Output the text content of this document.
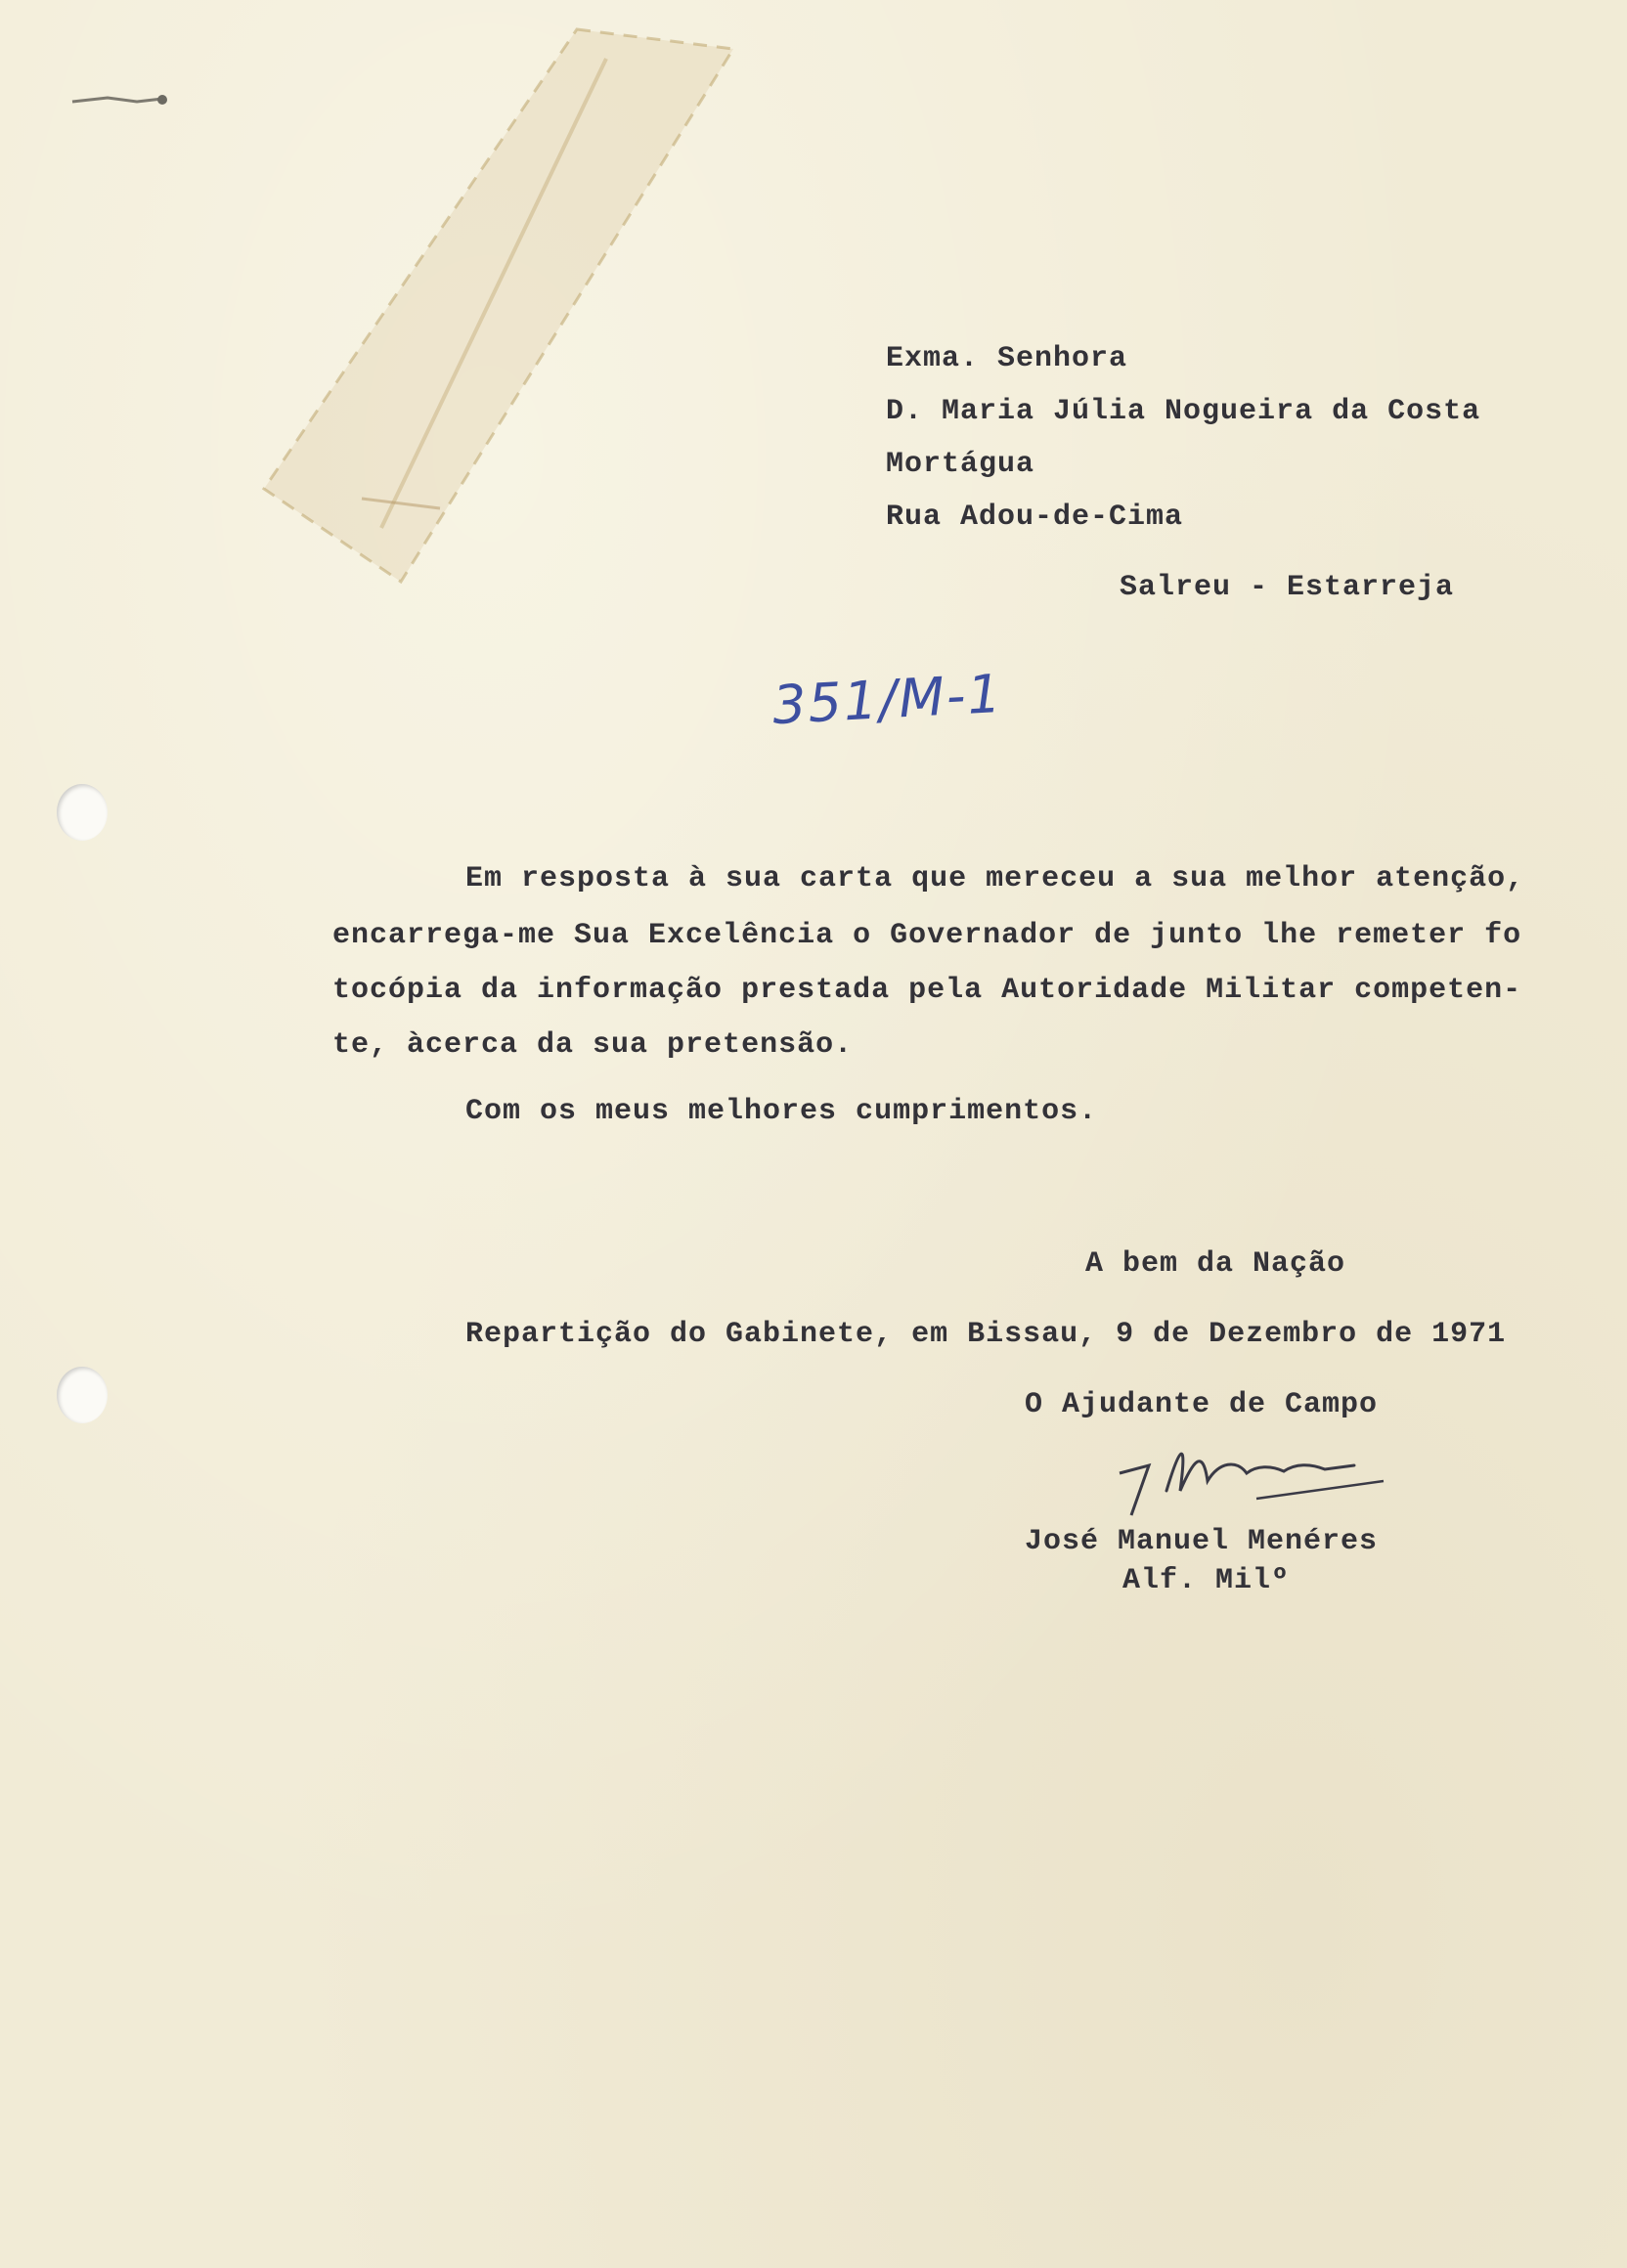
Exma. Senhora
D. Maria Júlia Nogueira da Costa
Mortágua
Rua Adou-de-Cima
Salreu - Estarreja
351/M-1
Em resposta à sua carta que mereceu a sua melhor atenção,
encarrega-me Sua Excelência o Governador de junto lhe remeter fo
tocópia da informação prestada pela Autoridade Militar competen-
te, àcerca da sua pretensão.
Com os meus melhores cumprimentos.
A bem da Nação
Repartição do Gabinete, em Bissau, 9 de Dezembro de 1971
O Ajudante de Campo
José Manuel Menéres
Alf. Milº
